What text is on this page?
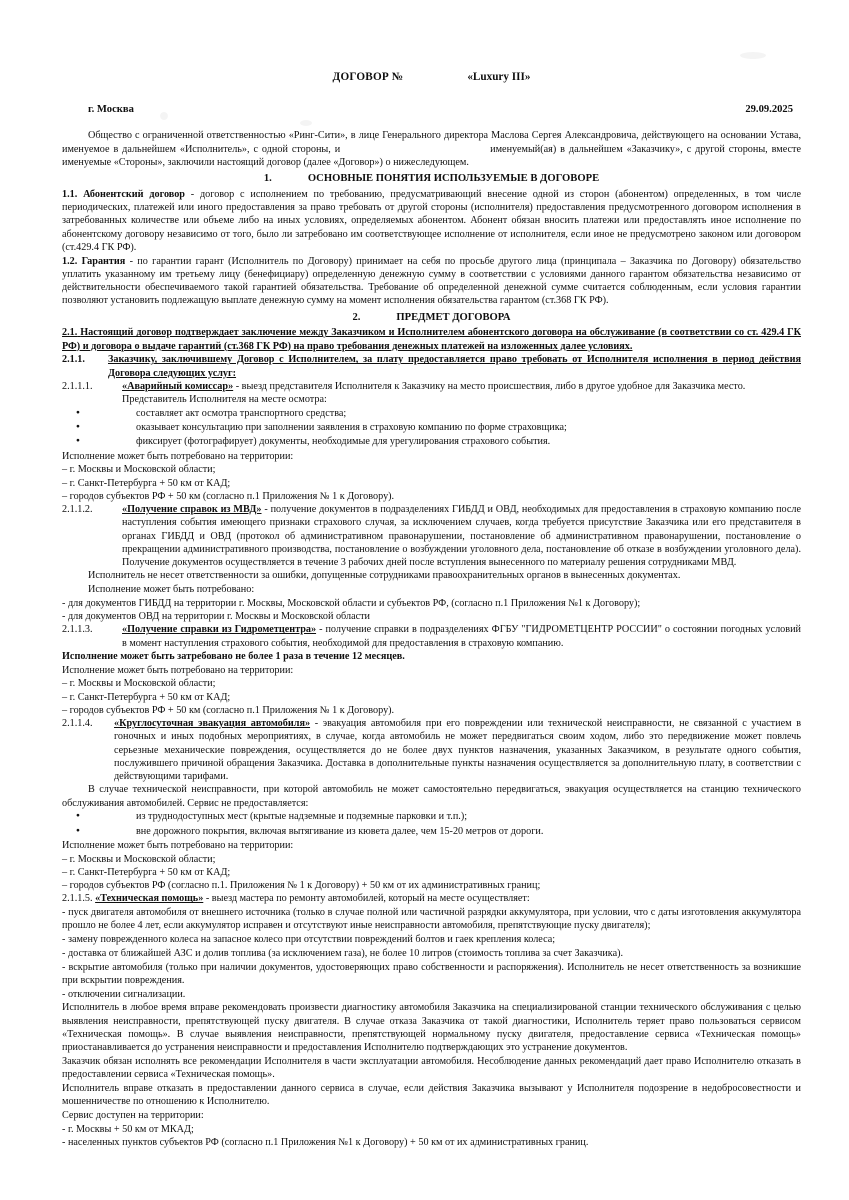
ДОГОВОР №	«Luxury III»
г. Москва	29.09.2025

Общество с ограниченной ответственностью «Ринг-Сити», в лице Генерального директора Маслова Сергея Александровича, действующего на основании Устава, именуемое в дальнейшем «Исполнитель», с одной стороны, и	именуемый(ая) в дальнейшем «Заказчику», с другой стороны, вместе именуемые «Стороны», заключили настоящий договор (далее «Договор») о нижеследующем.

1.	ОСНОВНЫЕ ПОНЯТИЯ ИСПОЛЬЗУЕМЫЕ В ДОГОВОРЕ

1.1. Абонентский договор - договор с исполнением по требованию, предусматривающий внесение одной из сторон (абонентом) определенных, в том числе периодических, платежей или иного предоставления за право требовать от другой стороны (исполнителя) предоставления предусмотренного договором исполнения в затребованных количестве или объеме либо на иных условиях, определяемых абонентом. Абонент обязан вносить платежи или предоставлять иное исполнение по абонентскому договору независимо от того, было ли затребовано им соответствующее исполнение от исполнителя, если иное не предусмотрено законом или договором (ст.429.4 ГК РФ).

1.2. Гарантия - по гарантии гарант (Исполнитель по Договору) принимает на себя по просьбе другого лица (принципала – Заказчика по Договору) обязательство уплатить указанному им третьему лицу (бенефициару) определенную денежную сумму в соответствии с условиями данного гарантом обязательства независимо от действительности обеспечиваемого такой гарантией обязательства. Требование об определенной денежной сумме считается соблюденным, если условия гарантии позволяют установить подлежащую выплате денежную сумму на момент исполнения обязательства гарантом (ст.368 ГК РФ).

2.	ПРЕДМЕТ ДОГОВОРА

2.1. Настоящий договор подтверждает заключение между Заказчиком и Исполнителем абонентского договора на обслуживание (в соответствии со ст. 429.4 ГК РФ) и договора о выдаче гарантий (ст.368 ГК РФ) на право требования денежных платежей на изложенных далее условиях.

2.1.1.	Заказчику, заключившему Договор с Исполнителем, за плату предоставляется право требовать от Исполнителя исполнения в период действия Договора следующих услуг:
2.1.1.1.	«Аварийный комиссар» - выезд представителя Исполнителя к Заказчику на место происшествия, либо в другое удобное для Заказчика место.

Представитель Исполнителя на месте осмотра:

●
составляет акт осмотра транспортного средства;
●
оказывает консультацию при заполнении заявления в страховую компанию по форме страховщика;
●
фиксирует (фотографирует) документы, необходимые для урегулирования страхового события.

Исполнение может быть потребовано на территории:

– г. Москвы и Московской области;

– г. Санкт-Петербурга + 50 км от КАД;

– городов субъектов РФ + 50 км (согласно п.1 Приложения № 1 к Договору).

2.1.1.2.	«Получение справок из МВД» - получение документов в подразделениях ГИБДД и ОВД, необходимых для предоставления в страховую компанию после наступления события имеющего признаки страхового случая, за исключением случаев, когда требуется присутствие Заказчика или его представителя в органах ГИБДД и ОВД (протокол об административном правонарушении, постановление об административном правонарушении, постановление о прекращении административного производства, постановление о возбуждении уголовного дела, постановление об отказе в возбуждении уголовного дела). Получение документов осуществляется в течение 3 рабочих дней после вступления вынесенного по материалу решения сотрудниками МВД.

Исполнитель не несет ответственности за ошибки, допущенные сотрудниками правоохранительных органов в вынесенных документах.

Исполнение может быть потребовано:

- для документов ГИБДД на территории г. Москвы, Московской области и субъектов РФ, (согласно п.1 Приложения №1 к Договору);

- для документов ОВД на территории г. Москвы и Московской области

2.1.1.3.	«Получение справки из Гидрометцентра» - получение справки в подразделениях ФГБУ "ГИДРОМЕТЦЕНТР РОССИИ" о состоянии погодных условий в момент наступления страхового события, необходимой для предоставления в страховую компанию.

Исполнение может быть затребовано не более 1 раза в течение 12 месяцев.

Исполнение может быть потребовано на территории:

– г. Москвы и Московской области;

– г. Санкт-Петербурга + 50 км от КАД;

– городов субъектов РФ + 50 км (согласно п.1 Приложения № 1 к Договору).

2.1.1.4.	«Круглосуточная эвакуация автомобиля» - эвакуация автомобиля при его повреждении или технической неисправности, не связанной с участием в гоночных и иных подобных мероприятиях, в случае, когда автомобиль не может передвигаться своим ходом, либо это передвижение может повлечь серьезные механические повреждения, осуществляется до не более двух пунктов назначения, указанных Заказчиком, в результате одного события, послужившего причиной обращения Заказчика. Доставка в дополнительные пункты назначения осуществляется за дополнительную плату, в соответствии с действующими тарифами.

В случае технической неисправности, при которой автомобиль не может самостоятельно передвигаться, эвакуация осуществляется на станцию технического обслуживания автомобилей. Сервис не предоставляется:

●
из труднодоступных мест (крытые надземные и подземные парковки и т.п.);
●
вне дорожного покрытия, включая вытягивание из кювета далее, чем 15-20 метров от дороги.

Исполнение может быть потребовано на территории:

– г. Москвы и Московской области;

– г. Санкт-Петербурга + 50 км от КАД;

– городов субъектов РФ (согласно п.1. Приложения № 1 к Договору) + 50 км от их административных границ;

2.1.1.5. «Техническая помощь» - выезд мастера по ремонту автомобилей, который на месте осуществляет:

- пуск двигателя автомобиля от внешнего источника (только в случае полной или частичной разрядки аккумулятора, при условии, что с даты изготовления аккумулятора прошло не более 4 лет, если аккумулятор исправен и отсутствуют иные неисправности автомобиля, препятствующие пуску двигателя);

- замену поврежденного колеса на запасное колесо при отсутствии повреждений болтов и гаек крепления колеса;

- доставка от ближайшей АЗС и долив топлива (за исключением газа), не более 10 литров (стоимость топлива за счет Заказчика).

- вскрытие автомобиля (только при наличии документов, удостоверяющих право собственности и распоряжения). Исполнитель не несет ответственность за возникшие при вскрытии повреждения.

- отключении сигнализации.

Исполнитель в любое время вправе рекомендовать произвести диагностику автомобиля Заказчика на специализированой станции технического обслуживания с целью выявления неисправности, препятствующей пуску двигателя. В случае отказа Заказчика от такой диагностики, Исполнитель теряет право пользоваться сервисом «Техническая помощь». В случае выявления неисправности, препятствующей нормальному пуску двигателя, предоставление сервиса «Техническая помощь» приостанавливается до устранения неисправности и предоставления Исполнителю подтверждающих это устранение документов.

Заказчик обязан исполнять все рекомендации Исполнителя в части эксплуатации автомобиля. Несоблюдение данных рекомендаций дает право Исполнителю отказать в предоставлении сервиса «Техническая помощь».

Исполнитель вправе отказать в предоставлении данного сервиса в случае, если действия Заказчика вызывают у Исполнителя подозрение в недобросовестности и мошенничестве по отношению к Исполнителю.

Сервис доступен на территории:

- г. Москвы + 50 км от МКАД;

- населенных пунктов субъектов РФ (согласно п.1 Приложения №1 к Договору) + 50 км от их административных границ.
